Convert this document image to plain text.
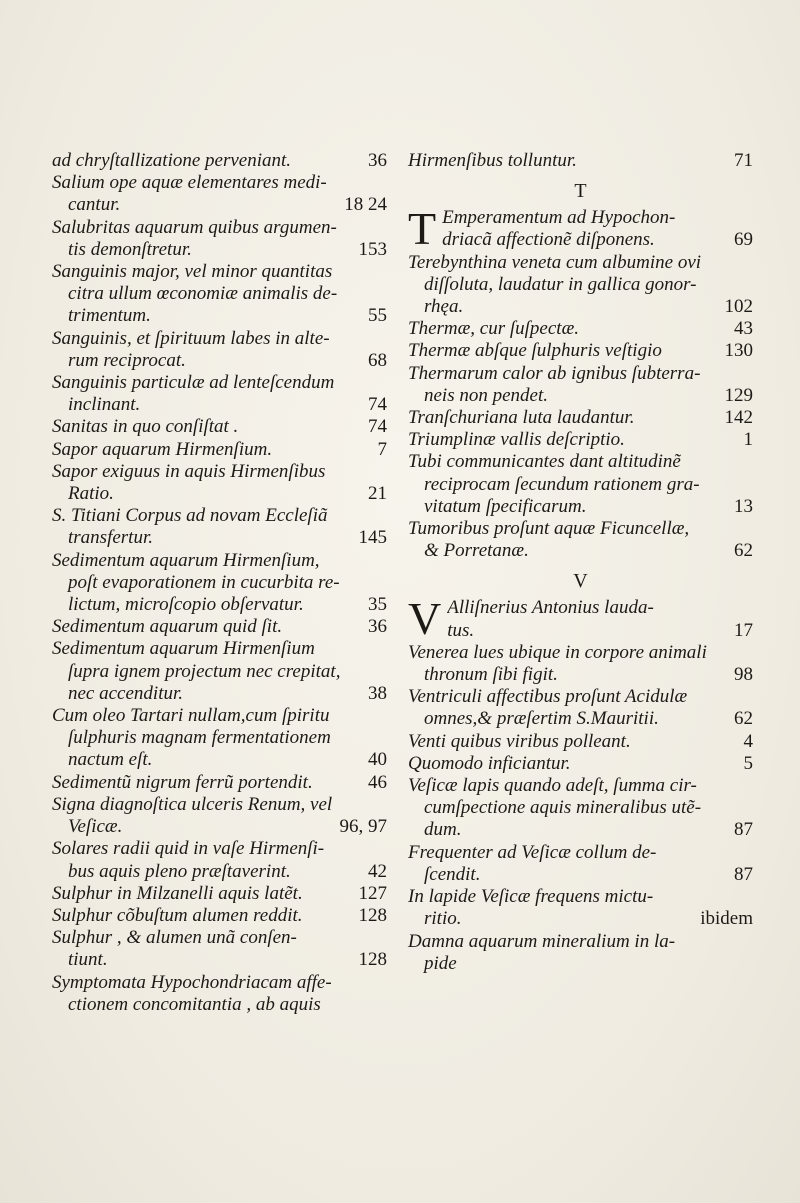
ad chryſtallizatione perveniant.	36
Salium ope aquæ elementares medi-
cantur.	18 24
Salubritas aquarum quibus argumen-
tis demonſtretur.	153
Sanguinis major, vel minor quantitas
citra ullum œconomiæ animalis de-
trimentum.	55
Sanguinis, et ſpirituum labes in alte-
rum reciprocat.	68
Sanguinis particulæ ad lenteſcendum
inclinant.	74
Sanitas in quo conſiſtat .	74
Sapor aquarum Hirmenſium.	7
Sapor exiguus in aquis Hirmenſibus
Ratio.	21
S. Titiani Corpus ad novam Eccleſiã
transfertur.	145
Sedimentum aquarum Hirmenſium,
poſt evaporationem in cucurbita re-
lictum, microſcopio obſervatur.	35
Sedimentum aquarum quid ſit.	36
Sedimentum aquarum Hirmenſium
ſupra ignem projectum nec crepitat,
nec accenditur.	38
Cum oleo Tartari nullam,cum ſpiritu
ſulphuris magnam fermentationem
nactum eſt.	40
Sedimentũ nigrum ferrũ portendit.	46
Signa diagnoſtica ulceris Renum, vel
Veſicæ.	96, 97
Solares radii quid in vaſe Hirmenſi-
bus aquis pleno præſtaverint.	42
Sulphur in Milzanelli aquis latẽt.	127
Sulphur cõbuſtum alumen reddit.	128
Sulphur , & alumen unã conſen-
tiunt.	128
Symptomata Hypochondriacam affe-
ctionem concomitantia , ab aquis
Hirmenſibus tolluntur.	71
T
T Emperamentum ad Hypochon-
driacã affectionẽ diſponens.	69
Terebynthina veneta cum albumine ovi
diſſoluta, laudatur in gallica gonor-
rhęa.	102
Thermæ, cur ſuſpectæ.	43
Thermæ abſque ſulphuris veſtigio	130
Thermarum calor ab ignibus ſubterra-
neis non pendet.	129
Tranſchuriana luta laudantur.	142
Triumplinæ vallis deſcriptio.	1
Tubi communicantes dant altitudinẽ
reciprocam ſecundum rationem gra-
vitatum ſpecificarum.	13
Tumoribus proſunt aquæ Ficuncellæ,
& Porretanæ.	62
V
V Alliſnerius Antonius lauda-
tus.	17
Venerea lues ubique in corpore animali
thronum ſibi figit.	98
Ventriculi affectibus proſunt Acidulæ
omnes,& præſertim S.Mauritii.	62
Venti quibus viribus polleant.	4
Quomodo inficiantur.	5
Veſicæ lapis quando adeſt, ſumma cir-
cumſpectione aquis mineralibus utẽ-
dum.	87
Frequenter ad Veſicæ collum de-
ſcendit.	87
In lapide Veſicæ frequens mictu-
ritio.	ibidem
Damna aquarum mineralium in la-
pide
